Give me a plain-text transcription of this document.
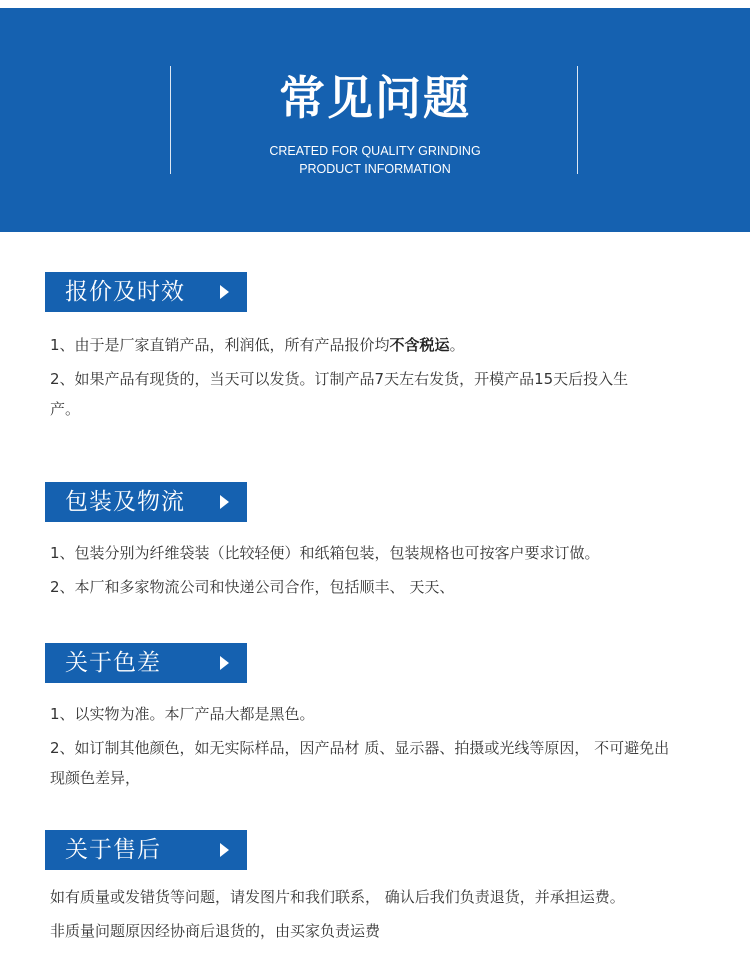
常见问题
CREATED FOR QUALITY GRINDING
PRODUCT INFORMATION
报价及时效

1、由于是厂家直销产品，利润低，所有产品报价均不含税运。

2、如果产品有现货的，当天可以发货。订制产品7天左右发货，开模产品15天后投入生产。

包装及物流

1、包装分别为纤维袋装（比较轻便）和纸箱包装，包装规格也可按客户要求订做。

2、本厂和多家物流公司和快递公司合作，包括顺丰、 天天、

关于色差

1、以实物为准。本厂产品大都是黑色。

2、如订制其他颜色，如无实际样品，因产品材 质、显示器、拍摄或光线等原因， 不可避免出现颜色差异，

关于售后

如有质量或发错货等问题，请发图片和我们联系， 确认后我们负责退货，并承担运费。

非质量问题原因经协商后退货的，由买家负责运费
